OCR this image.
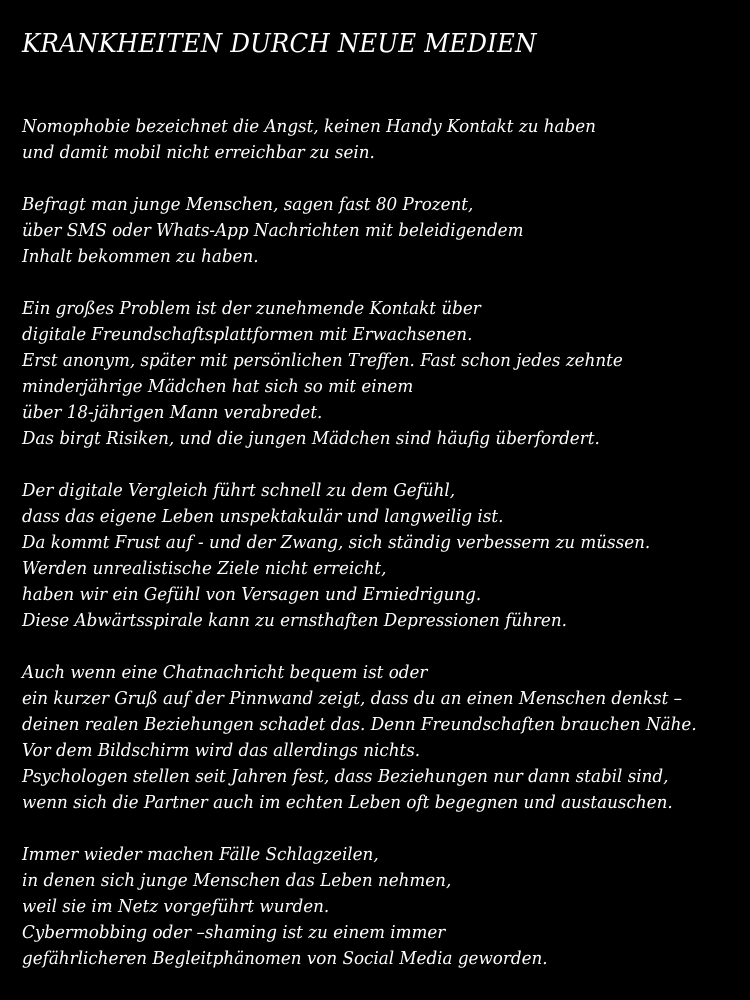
KRANKHEITEN DURCH NEUE MEDIEN

Nomophobie bezeichnet die Angst, keinen Handy Kontakt zu haben
und damit mobil nicht erreichbar zu sein.

Befragt man junge Menschen, sagen fast 80 Prozent,
über SMS oder Whats-App Nachrichten mit beleidigendem
Inhalt bekommen zu haben.

Ein großes Problem ist der zunehmende Kontakt über
digitale Freundschaftsplattformen mit Erwachsenen.
Erst anonym, später mit persönlichen Treffen. Fast schon jedes zehnte
minderjährige Mädchen hat sich so mit einem
über 18-jährigen Mann verabredet.
Das birgt Risiken, und die jungen Mädchen sind häufig überfordert.

Der digitale Vergleich führt schnell zu dem Gefühl,
dass das eigene Leben unspektakulär und langweilig ist.
Da kommt Frust auf - und der Zwang, sich ständig verbessern zu müssen.
Werden unrealistische Ziele nicht erreicht,
haben wir ein Gefühl von Versagen und Erniedrigung.
Diese Abwärtsspirale kann zu ernsthaften Depressionen führen.

Auch wenn eine Chatnachricht bequem ist oder
ein kurzer Gruß auf der Pinnwand zeigt, dass du an einen Menschen denkst –
deinen realen Beziehungen schadet das. Denn Freundschaften brauchen Nähe.
Vor dem Bildschirm wird das allerdings nichts.
Psychologen stellen seit Jahren fest, dass Beziehungen nur dann stabil sind,
wenn sich die Partner auch im echten Leben oft begegnen und austauschen.

Immer wieder machen Fälle Schlagzeilen,
in denen sich junge Menschen das Leben nehmen,
weil sie im Netz vorgeführt wurden.
Cybermobbing oder –shaming ist zu einem immer
gefährlicheren Begleitphänomen von Social Media geworden.
